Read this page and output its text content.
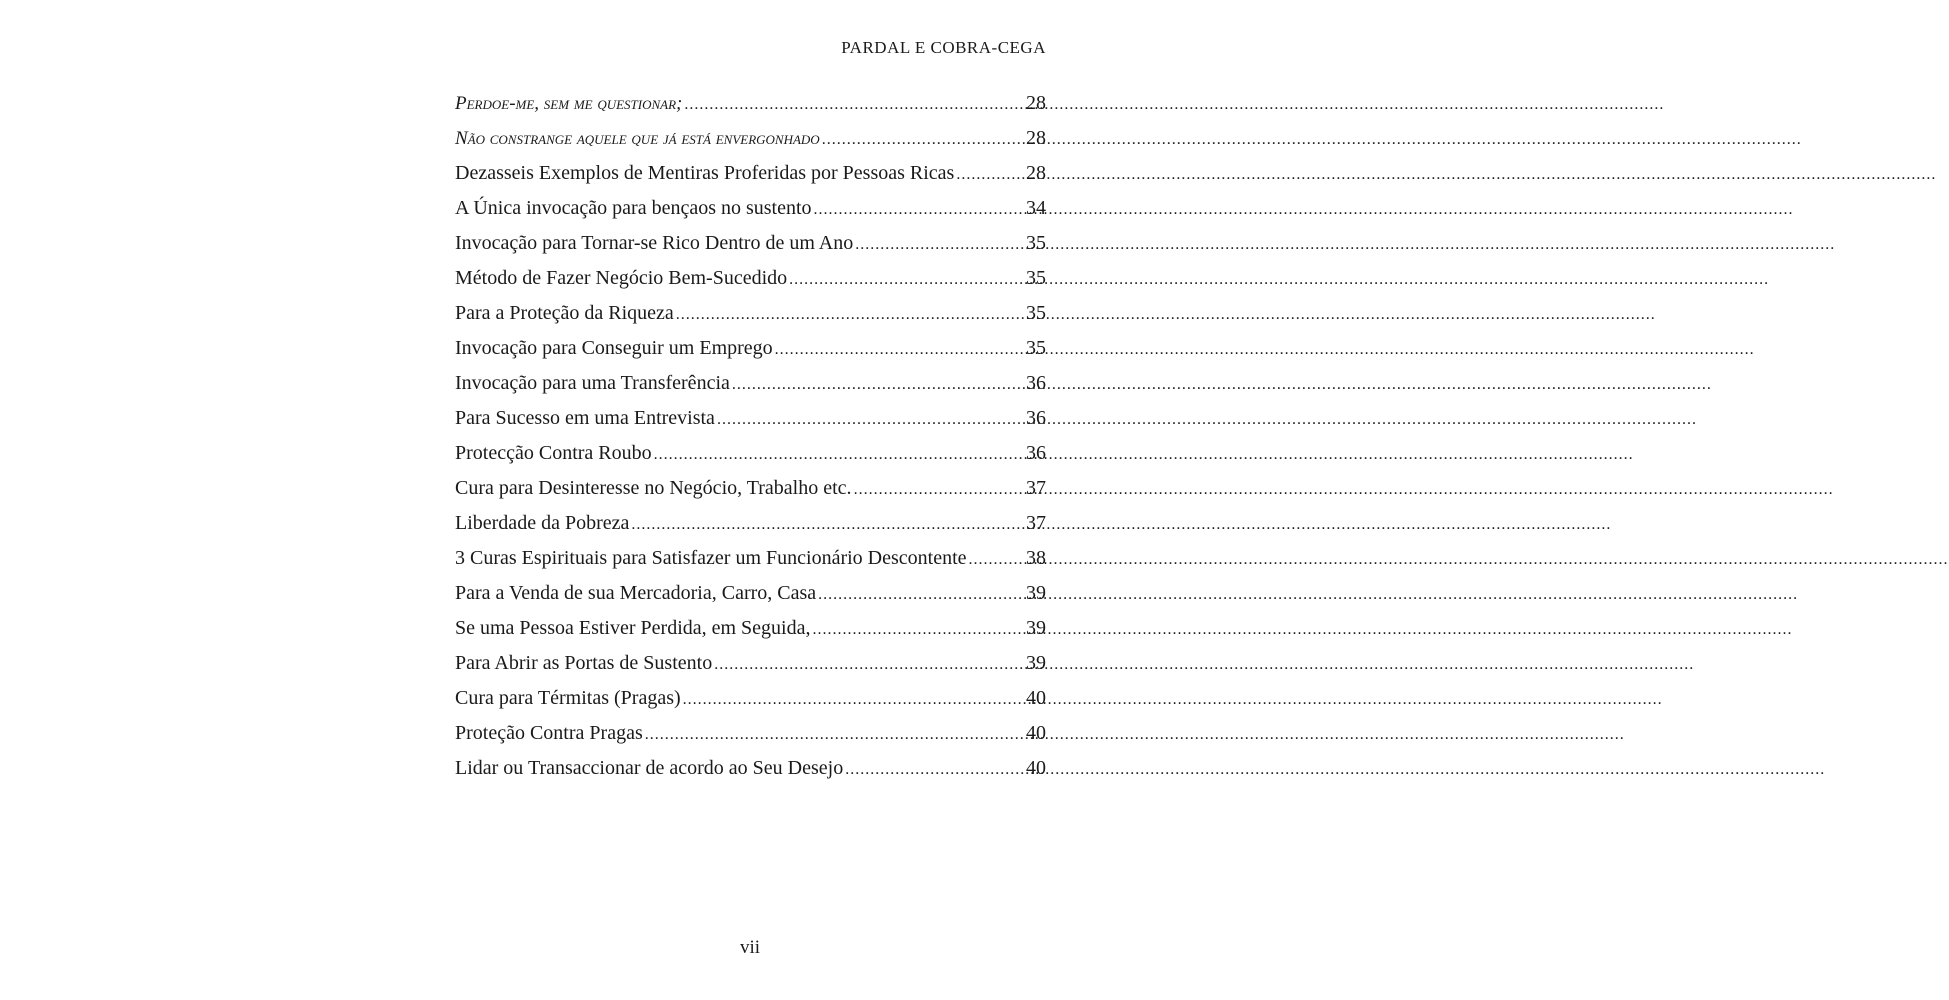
PARDAL E COBRA-CEGA
Perdoe-me, sem me questionar; .....	28
Não constrange aquele que já está envergonhado .....	28
Dezasseis Exemplos de Mentiras Proferidas por Pessoas Ricas .....	28
A Única invocação para bençaos no sustento .....	34
Invocação para Tornar-se Rico Dentro de um Ano .....	35
Método de Fazer Negócio Bem-Sucedido .....	35
Para a Proteção da Riqueza .....	35
Invocação para Conseguir um Emprego .....	35
Invocação para uma Transferência .....	36
Para Sucesso em uma Entrevista .....	36
Protecção Contra Roubo .....	36
Cura para Desinteresse no Negócio, Trabalho etc. .....	37
Liberdade da Pobreza .....	37
3 Curas Espirituais para Satisfazer um Funcionário Descontente .....	38
Para a Venda de sua Mercadoria, Carro, Casa .....	39
Se uma Pessoa Estiver Perdida, em Seguida, .....	39
Para Abrir as Portas de Sustento .....	39
Cura para Térmitas (Pragas) .....	40
Proteção Contra Pragas .....	40
Lidar ou Transaccionar de acordo ao Seu Desejo .....	40
vii
